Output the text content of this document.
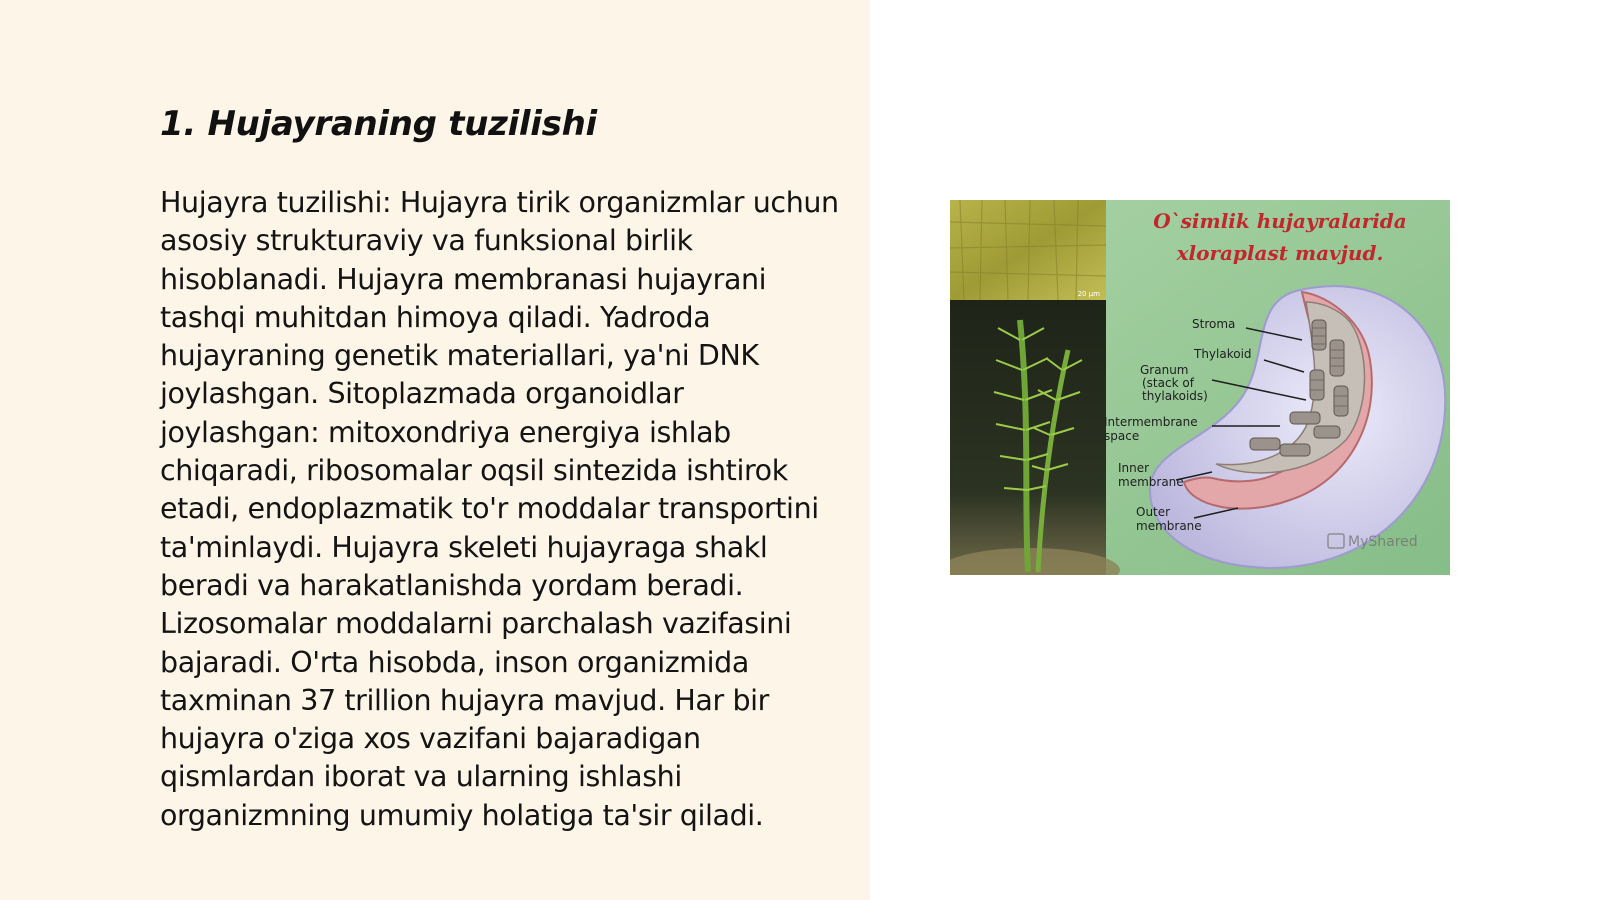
1. Hujayraning tuzilishi

Hujayra tuzilishi: Hujayra tirik organizmlar uchun asosiy strukturaviy va funksional birlik hisoblanadi. Hujayra membranasi hujayrani tashqi muhitdan himoya qiladi. Yadroda hujayraning genetik materiallari, ya'ni DNK joylashgan. Sitoplazmada organoidlar joylashgan: mitoxondriya energiya ishlab chiqaradi, ribosomalar oqsil sintezida ishtirok etadi, endoplazmatik to'r moddalar transportini ta'minlaydi. Hujayra skeleti hujayraga shakl beradi va harakatlanishda yordam beradi. Lizosomalar moddalarni parchalash vazifasini bajaradi. O'rta hisobda, inson organizmida taxminan 37 trillion hujayra mavjud. Har bir hujayra o'ziga xos vazifani bajaradigan qismlardan iborat va ularning ishlashi organizmning umumiy holatiga ta'sir qiladi.

20 µm
O`simlik hujayralarida
xloraplast mavjud.
Stroma
Thylakoid
Granum
(stack of
thylakoids)
Intermembrane
space
Inner
membrane
Outer
membrane
MyShared
